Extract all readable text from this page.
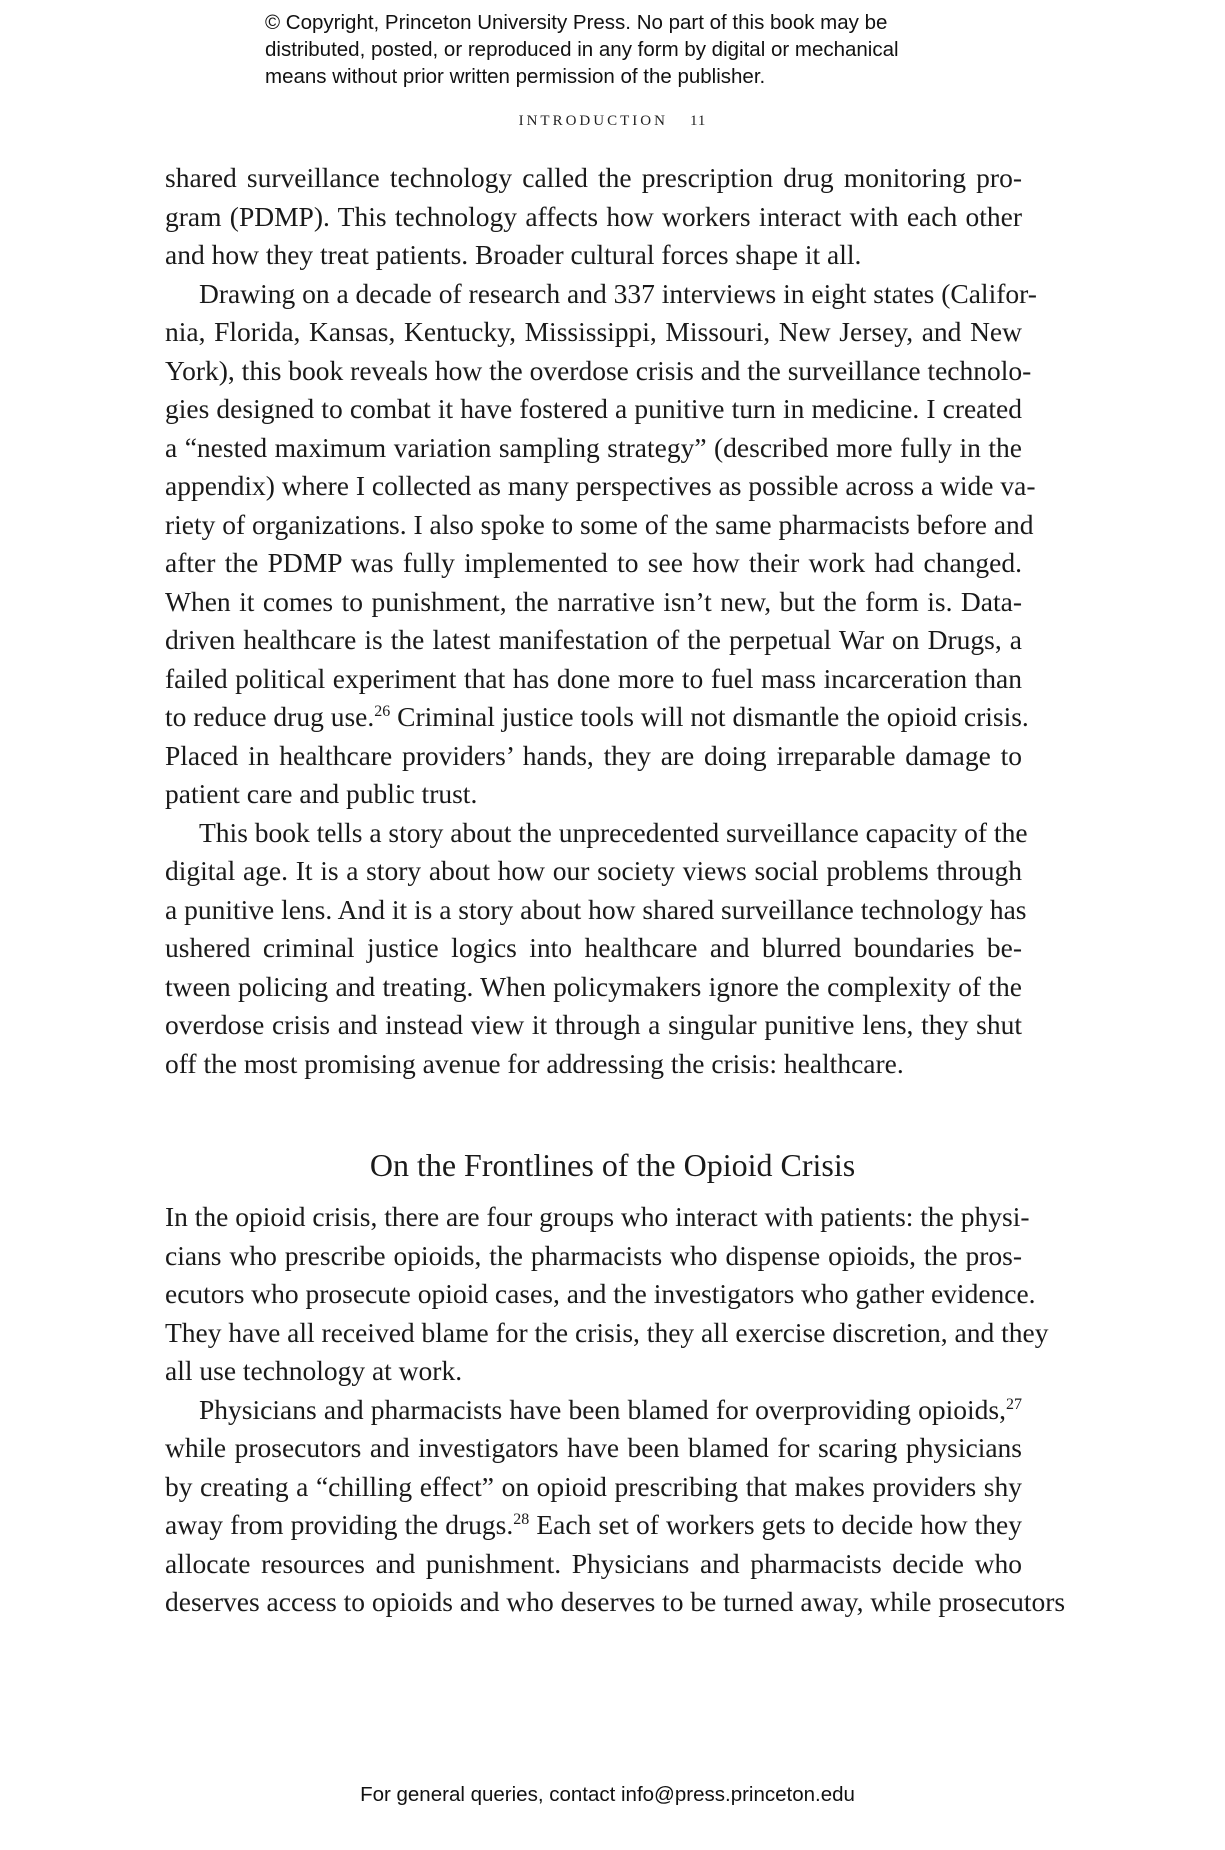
© Copyright, Princeton University Press. No part of this book may be
distributed, posted, or reproduced in any form by digital or mechanical
means without prior written permission of the publisher.
INTRODUCTION 11
shared surveillance technology called the prescription drug monitoring pro-
gram (PDMP). This technology affects how workers interact with each other
and how they treat patients. Broader cultural forces shape it all.
Drawing on a decade of research and 337 interviews in eight states (Califor-
nia, Florida, Kansas, Kentucky, Mississippi, Missouri, New Jersey, and New
York), this book reveals how the overdose crisis and the surveillance technolo-
gies designed to combat it have fostered a punitive turn in medicine. I created
a “nested maximum variation sampling strategy” (described more fully in the
appendix) where I collected as many perspectives as possible across a wide va-
riety of organizations. I also spoke to some of the same pharmacists before and
after the PDMP was fully implemented to see how their work had changed.
When it comes to punishment, the narrative isn’t new, but the form is. Data-
driven healthcare is the latest manifestation of the perpetual War on Drugs, a
failed political experiment that has done more to fuel mass incarceration than
to reduce drug use.$^{26}$ Criminal justice tools will not dismantle the opioid crisis.
Placed in healthcare providers’ hands, they are doing irreparable damage to
patient care and public trust.
This book tells a story about the unprecedented surveillance capacity of the
digital age. It is a story about how our society views social problems through
a punitive lens. And it is a story about how shared surveillance technology has
ushered criminal justice logics into healthcare and blurred boundaries be-
tween policing and treating. When policymakers ignore the complexity of the
overdose crisis and instead view it through a singular punitive lens, they shut
off the most promising avenue for addressing the crisis: healthcare.
On the Frontlines of the Opioid Crisis
In the opioid crisis, there are four groups who interact with patients: the physi-
cians who prescribe opioids, the pharmacists who dispense opioids, the pros-
ecutors who prosecute opioid cases, and the investigators who gather evidence.
They have all received blame for the crisis, they all exercise discretion, and they
all use technology at work.
Physicians and pharmacists have been blamed for overproviding opioids,$^{27}$
while prosecutors and investigators have been blamed for scaring physicians
by creating a “chilling effect” on opioid prescribing that makes providers shy
away from providing the drugs.$^{28}$ Each set of workers gets to decide how they
allocate resources and punishment. Physicians and pharmacists decide who
deserves access to opioids and who deserves to be turned away, while prosecutors
For general queries, contact info@press.princeton.edu
